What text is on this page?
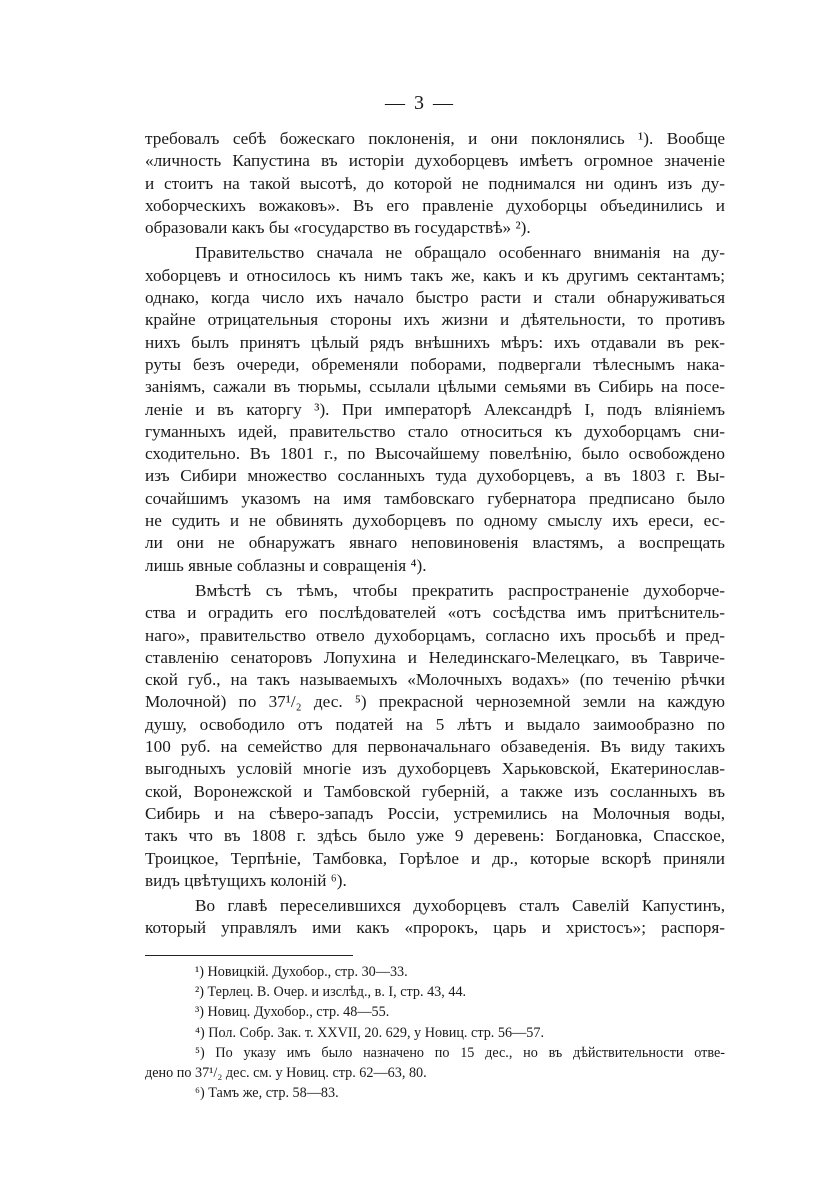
— 3 —
требовалъ себѣ божескаго поклоненія, и они поклонялись ¹). Вообще
«личность Капустина въ исторіи духоборцевъ имѣетъ огромное значеніе
и стоитъ на такой высотѣ, до которой не поднимался ни одинъ изъ ду-
хоборческихъ вожаковъ». Въ его правленіе духоборцы объединились и
образовали какъ бы «государство въ государствѣ» ²).
Правительство сначала не обращало особеннаго вниманія на ду-
хоборцевъ и относилось къ нимъ такъ же, какъ и къ другимъ сектантамъ;
однако, когда число ихъ начало быстро расти и стали обнаруживаться
крайне отрицательныя стороны ихъ жизни и дѣятельности, то противъ
нихъ былъ принятъ цѣлый рядъ внѣшнихъ мѣръ: ихъ отдавали въ рек-
руты безъ очереди, обременяли поборами, подвергали тѣлеснымъ нака-
заніямъ, сажали въ тюрьмы, ссылали цѣлыми семьями въ Сибирь на посе-
леніе и въ каторгу ³). При императорѣ Александрѣ I, подъ вліяніемъ
гуманныхъ идей, правительство стало относиться къ духоборцамъ сни-
сходительно. Въ 1801 г., по Высочайшему повелѣнію, было освобождено
изъ Сибири множество сосланныхъ туда духоборцевъ, а въ 1803 г. Вы-
сочайшимъ указомъ на имя тамбовскаго губернатора предписано было
не судить и не обвинять духоборцевъ по одному смыслу ихъ ереси, ес-
ли они не обнаружатъ явнаго неповиновенія властямъ, а воспрещать
лишь явные соблазны и совращенія ⁴).
Вмѣстѣ съ тѣмъ, чтобы прекратить распространеніе духоборче-
ства и оградить его послѣдователей «отъ сосѣдства имъ притѣснитель-
наго», правительство отвело духоборцамъ, согласно ихъ просьбѣ и пред-
ставленію сенаторовъ Лопухина и Нелединскаго-Мелецкаго, въ Тавриче-
ской губ., на такъ называемыхъ «Молочныхъ водахъ» (по теченію рѣчки
Молочной) по 37¹/₂ дес. ⁵) прекрасной черноземной земли на каждую
душу, освободило отъ податей на 5 лѣтъ и выдало заимообразно по
100 руб. на семейство для первоначальнаго обзаведенія. Въ виду такихъ
выгодныхъ условій многіе изъ духоборцевъ Харьковской, Екатеринослав-
ской, Воронежской и Тамбовской губерній, а также изъ сосланныхъ въ
Сибирь и на сѣверо-западъ Россіи, устремились на Молочныя воды,
такъ что въ 1808 г. здѣсь было уже 9 деревень: Богдановка, Спасское,
Троицкое, Терпѣніе, Тамбовка, Горѣлое и др., которые вскорѣ приняли
видъ цвѣтущихъ колоній ⁶).
Во главѣ переселившихся духоборцевъ сталъ Савелій Капустинъ,
который управлялъ ими какъ «пророкъ, царь и христосъ»; распоря-
¹) Новицкій. Духобор., стр. 30—33.
²) Терлец. В. Очер. и изслѣд., в. I, стр. 43, 44.
³) Новиц. Духобор., стр. 48—55.
⁴) Пол. Собр. Зак. т. XXVII, 20. 629, у Новиц. стр. 56—57.
⁵) По указу имъ было назначено по 15 дес., но въ дѣйствительности отве-
дено по 37¹/₂ дес. см. у Новиц. стр. 62—63, 80.
⁶) Тамъ же, стр. 58—83.
